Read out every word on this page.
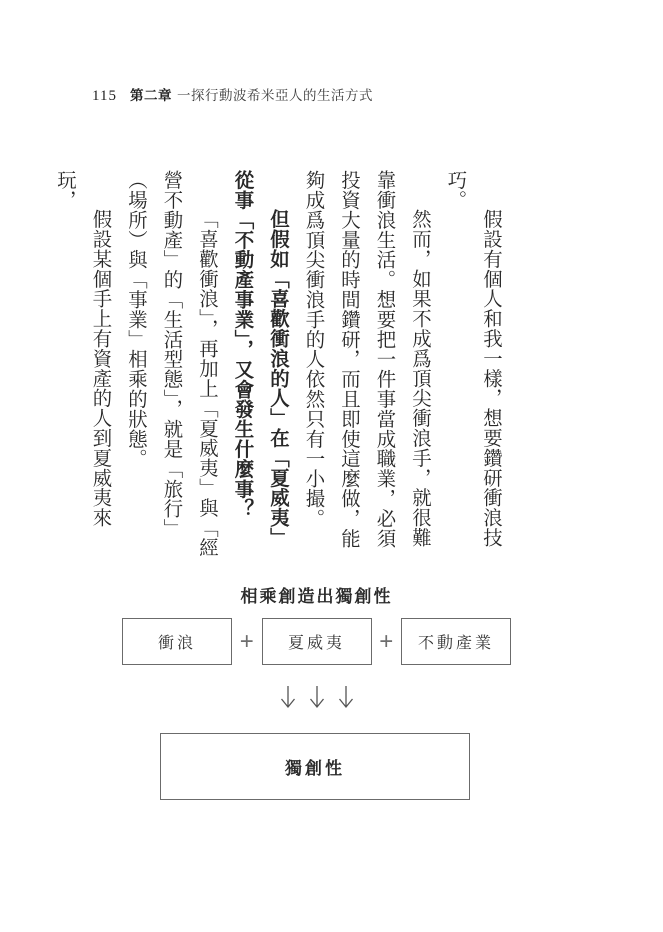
115 第二章 一探行動波希米亞人的生活方式

假設有個人和我一樣，想要鑽研衝浪技巧。

然而，如果不成爲頂尖衝浪手，就很難靠衝浪生活。想要把一件事當成職業，必須投資大量的時間鑽研，而且即使這麼做，能夠成爲頂尖衝浪手的人依然只有一小撮。

但假如「喜歡衝浪的人」在「夏威夷」從事「不動產事業」，又會發生什麼事？

「喜歡衝浪」，再加上「夏威夷」與「經營不動產」的「生活型態」，就是「旅行」（場所）與「事業」相乘的狀態。

假設某個手上有資產的人到夏威夷來玩，

相乘創造出獨創性
衝浪	+	夏威夷	+	不動產業
獨創性
